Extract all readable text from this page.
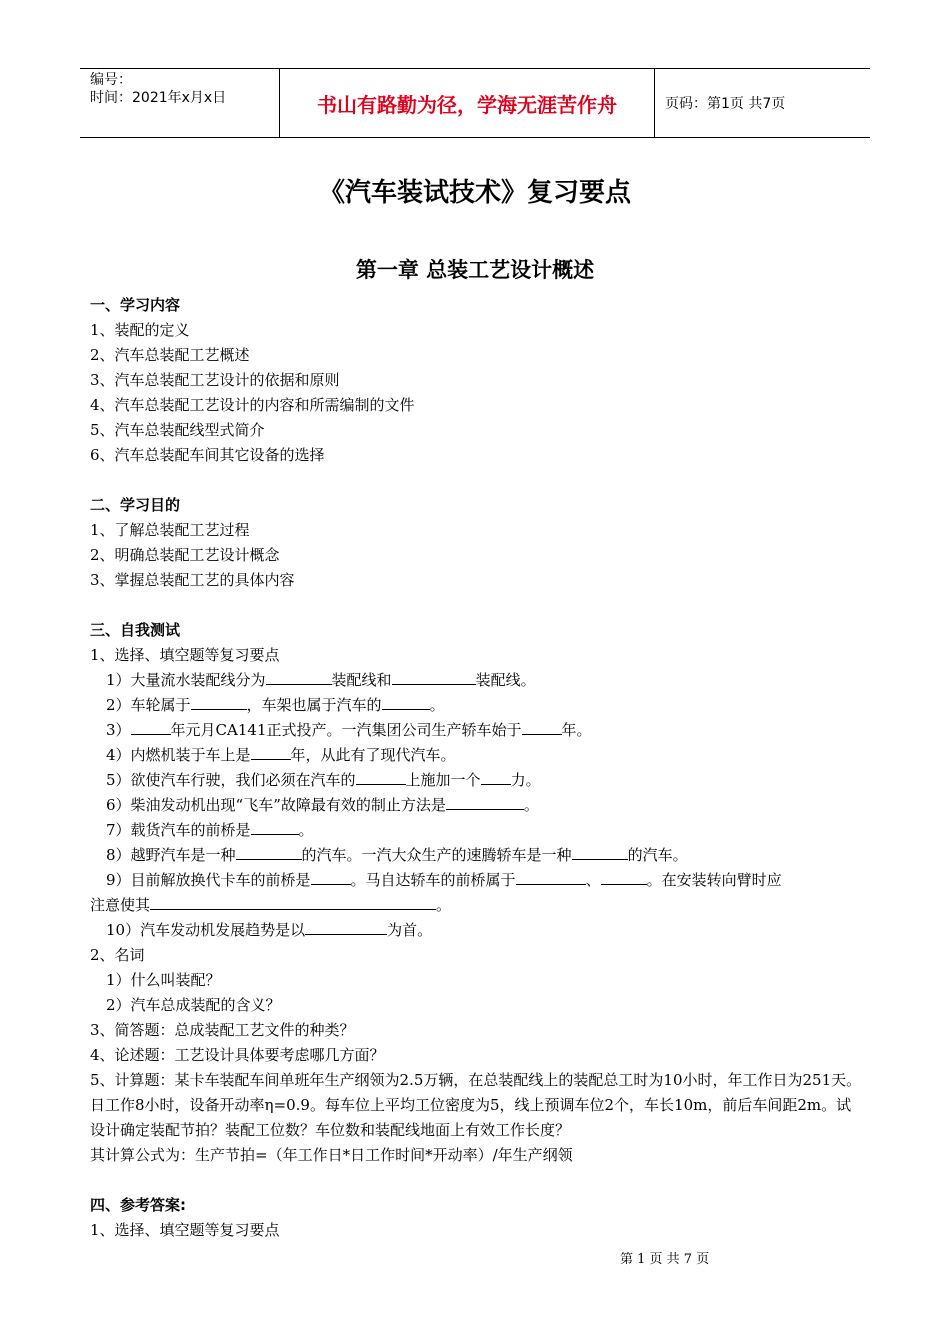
编号：
时间：2021年x月x日	书山有路勤为径，学海无涯苦作舟	页码：第1页 共7页
《汽车装试技术》复习要点
第一章 总装工艺设计概述
一、学习内容
1、装配的定义
2、汽车总装配工艺概述
3、汽车总装配工艺设计的依据和原则
4、汽车总装配工艺设计的内容和所需编制的文件
5、汽车总装配线型式简介
6、汽车总装配车间其它设备的选择
二、学习目的
1、了解总装配工艺过程
2、明确总装配工艺设计概念
3、掌握总装配工艺的具体内容
三、自我测试
1、选择、填空题等复习要点
1）大量流水装配线分为	装配线和	装配线。
2）车轮属于	，车架也属于汽车的	。
3）	年元月CA141正式投产。一汽集团公司生产轿车始于	年。
4）内燃机装于车上是	年，从此有了现代汽车。
5）欲使汽车行驶，我们必须在汽车的	上施加一个 力。
6）柴油发动机出现“飞车”故障最有效的制止方法是	。
7）载货汽车的前桥是	。
8）越野汽车是一种	的汽车。一汽大众生产的速腾轿车是一种	的汽车。
9）目前解放换代卡车的前桥是	。马自达轿车的前桥属于	、	。在安装转向臂时应
注意使其	。
10）汽车发动机发展趋势是以	为首。
2、名词
1）什么叫装配？
2）汽车总成装配的含义？
3、简答题：总成装配工艺文件的种类？
4、论述题：工艺设计具体要考虑哪几方面？
5、计算题：某卡车装配车间单班年生产纲领为2.5万辆，在总装配线上的装配总工时为10小时，年工作日为251天。日工作8小时，设备开动率η=0.9。每车位上平均工位密度为5，线上预调车位2个，车长10m，前后车间距2m。试设计确定装配节拍？装配工位数？车位数和装配线地面上有效工作长度？
其计算公式为：生产节拍=（年工作日*日工作时间*开动率）/年生产纲领
四、参考答案:
1、选择、填空题等复习要点
第 1 页 共 7 页
